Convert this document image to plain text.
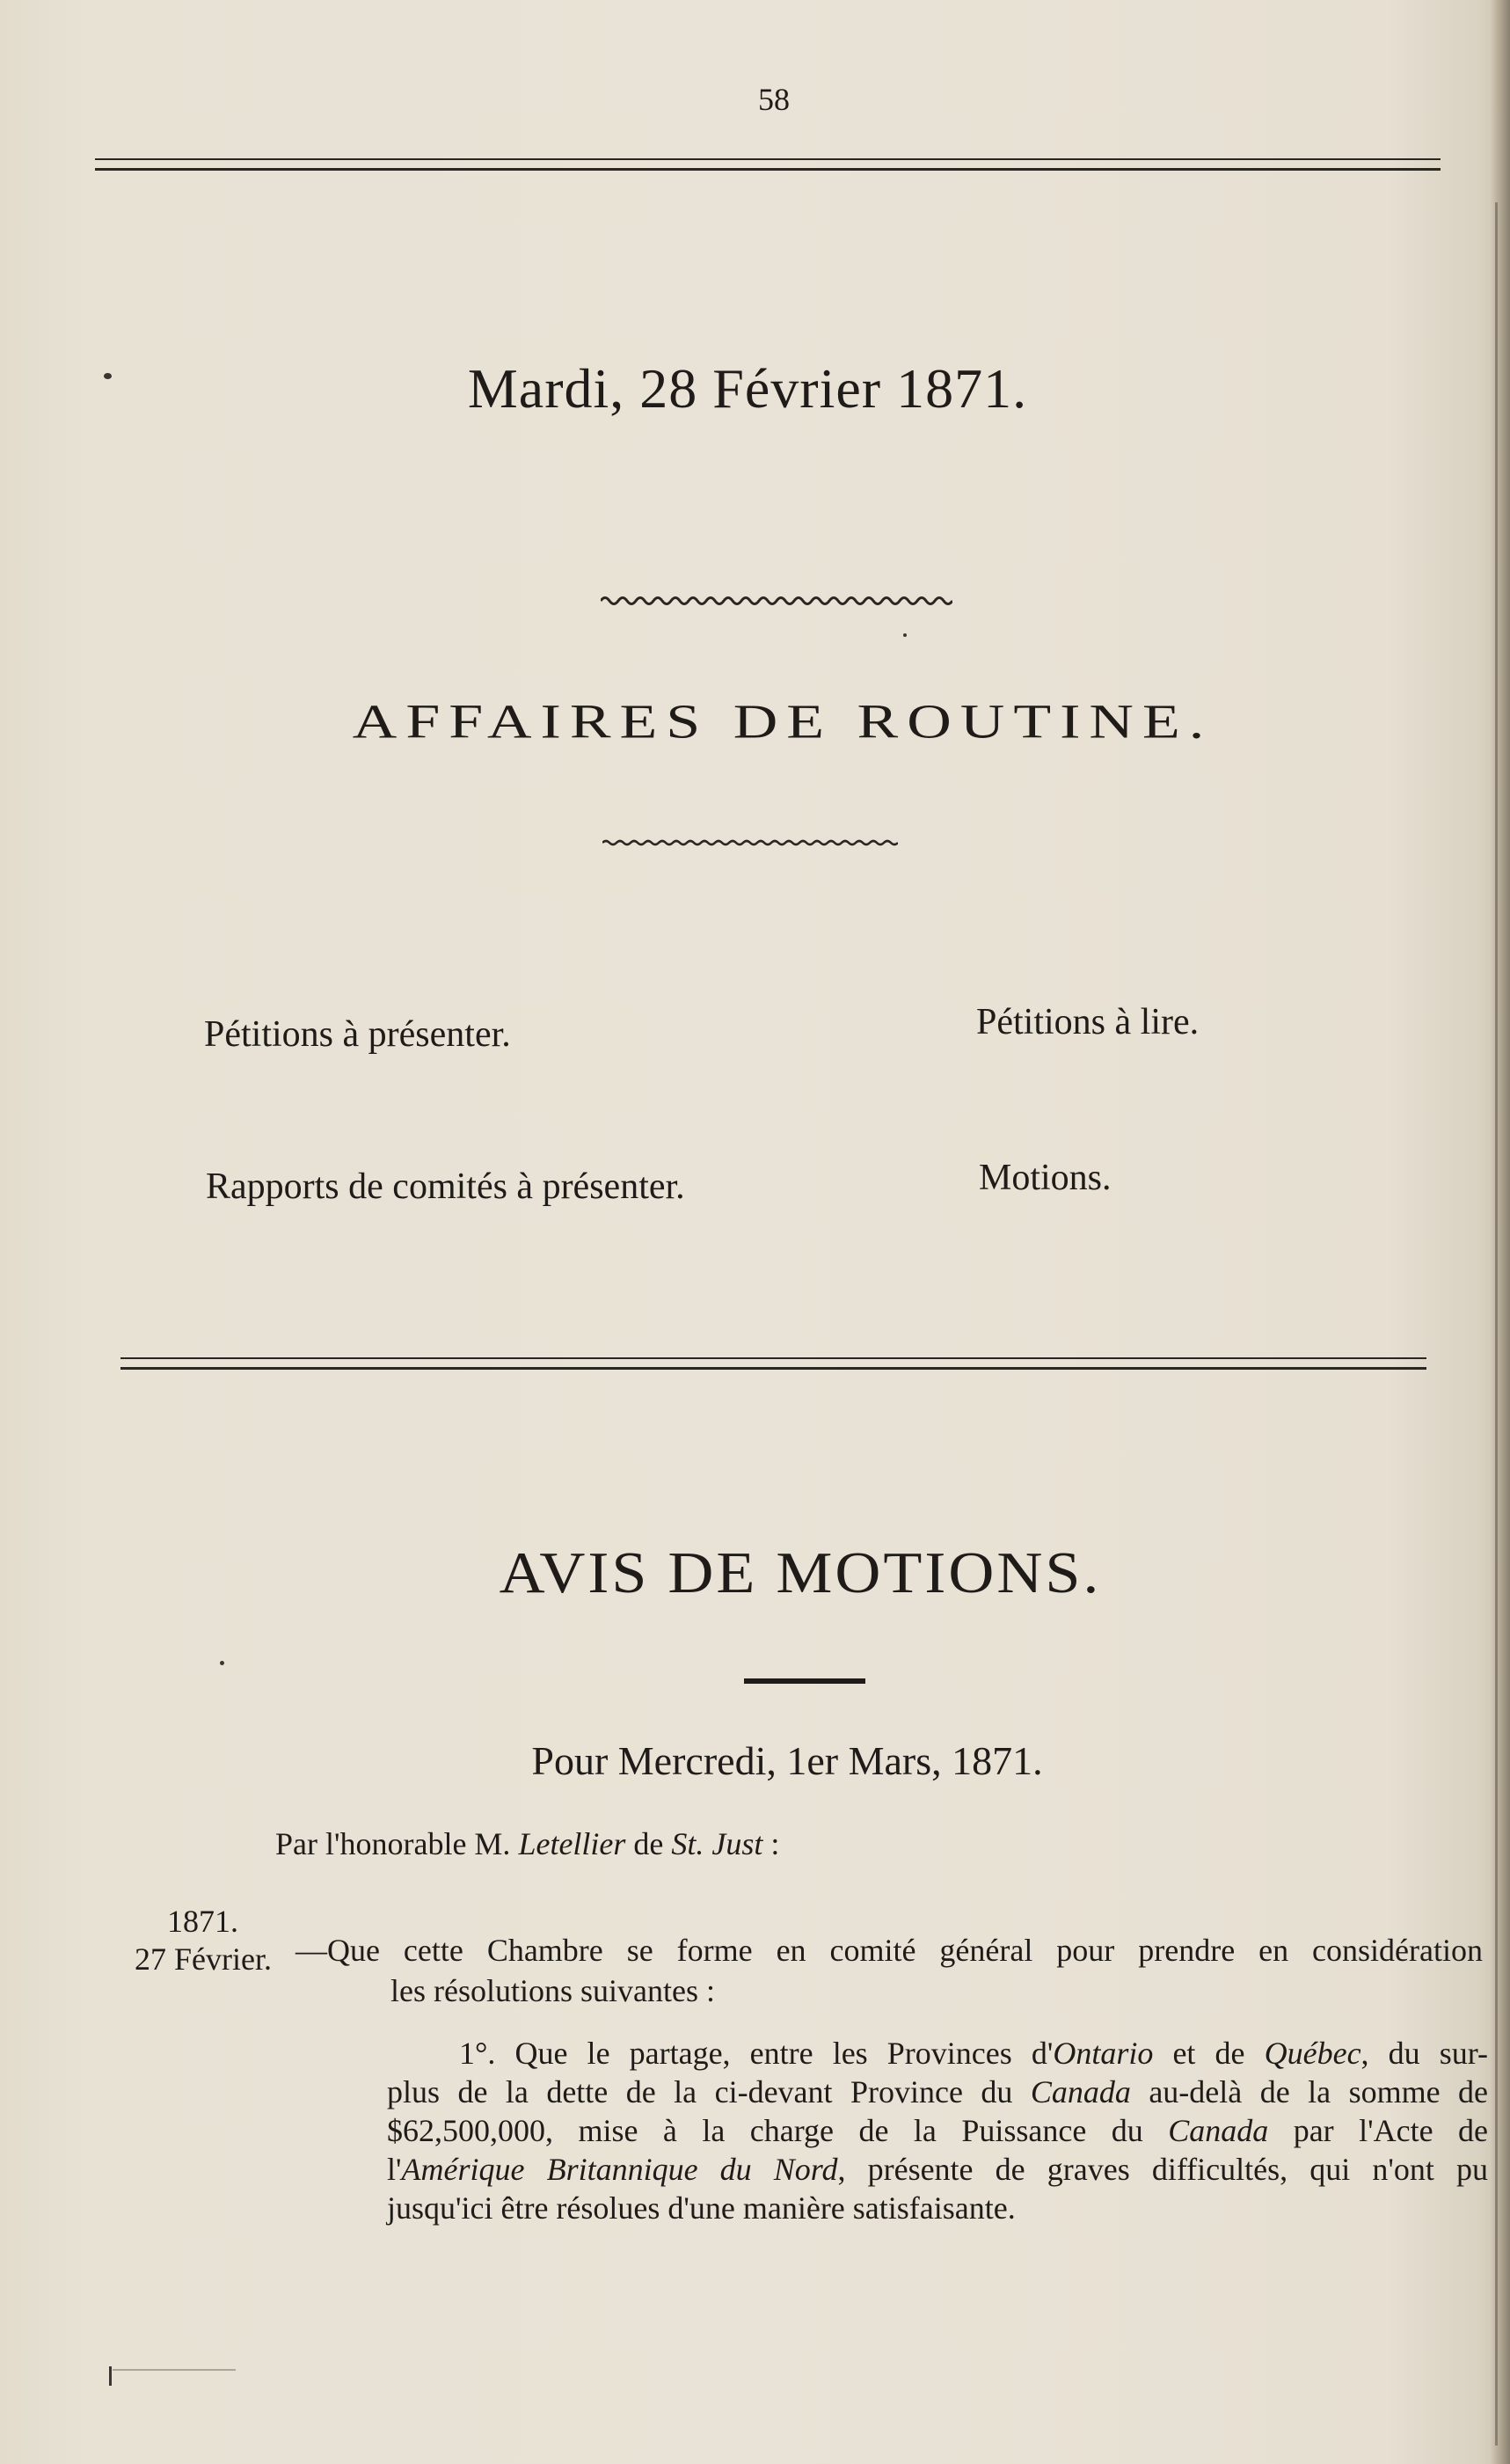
58
Mardi, 28 Février 1871.
AFFAIRES DE ROUTINE.
Pétitions à présenter.	Pétitions à lire.
Rapports de comités à présenter.	Motions.
AVIS DE MOTIONS.
Pour Mercredi, 1er Mars, 1871.
Par l'honorable M. Letellier de St. Just :
1871.
27 Février. —Que cette Chambre se forme en comité général pour prendre en considération
les résolutions suivantes :
1°. Que le partage, entre les Provinces d'Ontario et de Québec, du sur-
plus de la dette de la ci-devant Province du Canada au-delà de la somme de
$62,500,000, mise à la charge de la Puissance du Canada par l'Acte de
l'Amérique Britannique du Nord, présente de graves difficultés, qui n'ont pu
jusqu'ici être résolues d'une manière satisfaisante.
